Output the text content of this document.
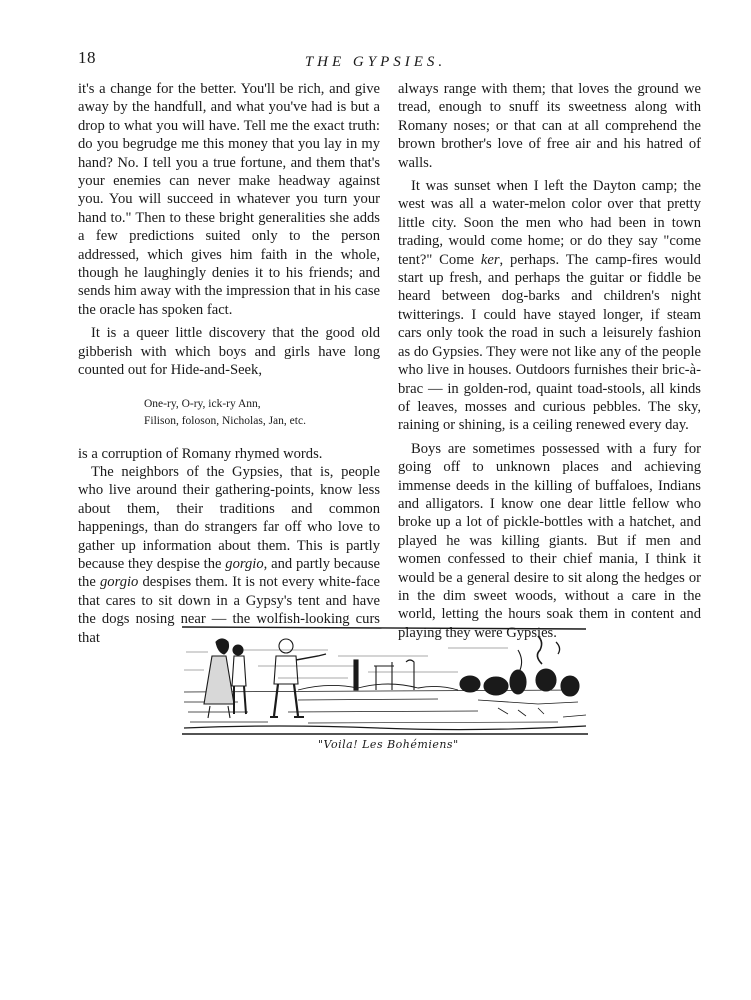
18	THE GYPSIES.

it's a change for the better. You'll be rich, and give away by the handfull, and what you've had is but a drop to what you will have. Tell me the exact truth: do you begrudge me this money that you lay in my hand? No. I tell you a true fortune, and them that's your enemies can never make headway against you. You will succeed in whatever you turn your hand to." Then to these bright generalities she adds a few predictions suited only to the person addressed, which gives him faith in the whole, though he laughingly denies it to his friends; and sends him away with the impression that in his case the oracle has spoken fact.

It is a queer little discovery that the good old gibberish with which boys and girls have long counted out for Hide-and-Seek,

One-ry, O-ry, ick-ry Ann,
Filison, foloson, Nicholas, Jan, etc.

is a corruption of Romany rhymed words.

The neighbors of the Gypsies, that is, people who live around their gathering-points, know less about them, their traditions and common happenings, than do strangers far off who love to gather up information about them. This is partly because they despise the gorgio, and partly because the gorgio despises them. It is not every white-face that cares to sit down in a Gypsy's tent and have the dogs nosing near — the wolfish-looking curs that

always range with them; that loves the ground we tread, enough to snuff its sweetness along with Romany noses; or that can at all comprehend the brown brother's love of free air and his hatred of walls.

It was sunset when I left the Dayton camp; the west was all a water-melon color over that pretty little city. Soon the men who had been in town trading, would come home; or do they say "come tent?" Come ker, perhaps. The camp-fires would start up fresh, and perhaps the guitar or fiddle be heard between dog-barks and children's night twitterings. I could have stayed longer, if steam cars only took the road in such a leisurely fashion as do Gypsies. They were not like any of the people who live in houses. Outdoors furnishes their bric-à-brac — in golden-rod, quaint toad-stools, all kinds of leaves, mosses and curious pebbles. The sky, raining or shining, is a ceiling renewed every day.

Boys are sometimes possessed with a fury for going off to unknown places and achieving immense deeds in the killing of buffaloes, Indians and alligators. I know one dear little fellow who broke up a lot of pickle-bottles with a hatchet, and played he was killing giants. But if men and women confessed to their chief mania, I think it would be a general desire to sit along the hedges or in the dim sweet woods, without a care in the world, letting the hours soak them in content and playing they were Gypsies.

"Voila! Les Bohémiens"
